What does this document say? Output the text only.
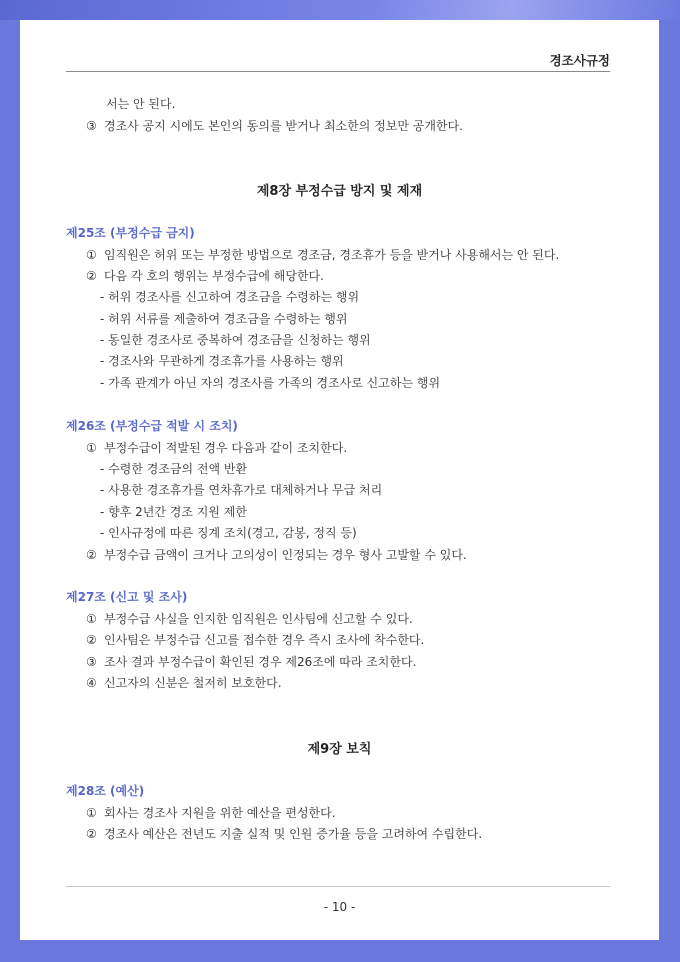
경조사규정
서는 안 된다.
③ 경조사 공지 시에도 본인의 동의를 받거나 최소한의 정보만 공개한다.
제8장 부정수급 방지 및 제재
제25조 (부정수급 금지)
① 임직원은 허위 또는 부정한 방법으로 경조금, 경조휴가 등을 받거나 사용해서는 안 된다.
② 다음 각 호의 행위는 부정수급에 해당한다.
- 허위 경조사를 신고하여 경조금을 수령하는 행위
- 허위 서류를 제출하여 경조금을 수령하는 행위
- 동일한 경조사로 중복하여 경조금을 신청하는 행위
- 경조사와 무관하게 경조휴가를 사용하는 행위
- 가족 관계가 아닌 자의 경조사를 가족의 경조사로 신고하는 행위
제26조 (부정수급 적발 시 조치)
① 부정수급이 적발된 경우 다음과 같이 조치한다.
- 수령한 경조금의 전액 반환
- 사용한 경조휴가를 연차휴가로 대체하거나 무급 처리
- 향후 2년간 경조 지원 제한
- 인사규정에 따른 징계 조치(경고, 감봉, 정직 등)
② 부정수급 금액이 크거나 고의성이 인정되는 경우 형사 고발할 수 있다.
제27조 (신고 및 조사)
① 부정수급 사실을 인지한 임직원은 인사팀에 신고할 수 있다.
② 인사팀은 부정수급 신고를 접수한 경우 즉시 조사에 착수한다.
③ 조사 결과 부정수급이 확인된 경우 제26조에 따라 조치한다.
④ 신고자의 신분은 철저히 보호한다.
제9장 보칙
제28조 (예산)
① 회사는 경조사 지원을 위한 예산을 편성한다.
② 경조사 예산은 전년도 지출 실적 및 인원 증가율 등을 고려하여 수립한다.
- 10 -
